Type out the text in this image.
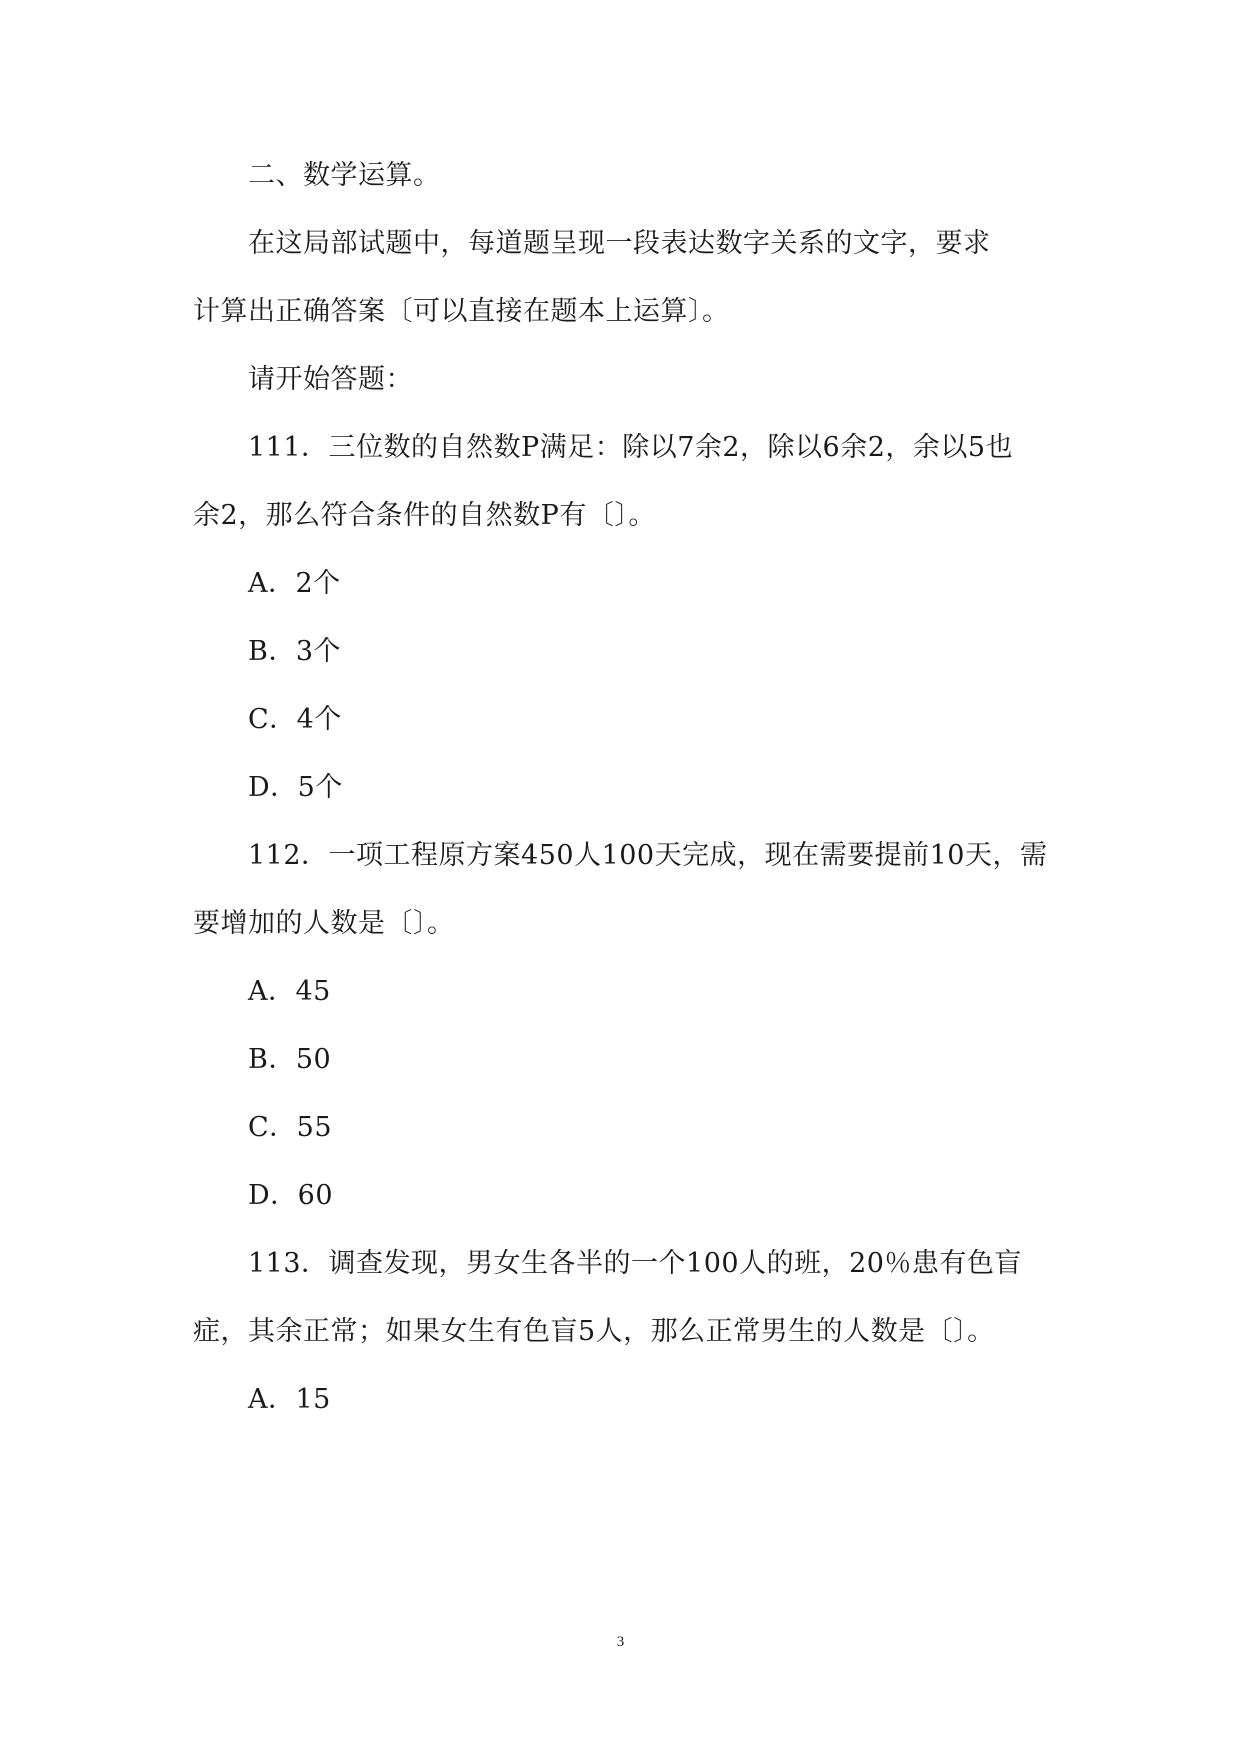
二、数学运算。
在这局部试题中，每道题呈现一段表达数字关系的文字，要求
计算出正确答案〔可以直接在题本上运算〕。
请开始答题：
111．三位数的自然数P满足：除以7余2，除以6余2，余以5也
余2，那么符合条件的自然数P有〔〕。
A．2个
B．3个
C．4个
D．5个
112．一项工程原方案450人100天完成，现在需要提前10天，需
要增加的人数是〔〕。
A．45
B．50
C．55
D．60
113．调查发现，男女生各半的一个100人的班，20％患有色盲
症，其余正常；如果女生有色盲5人，那么正常男生的人数是〔〕。
A．15
3
